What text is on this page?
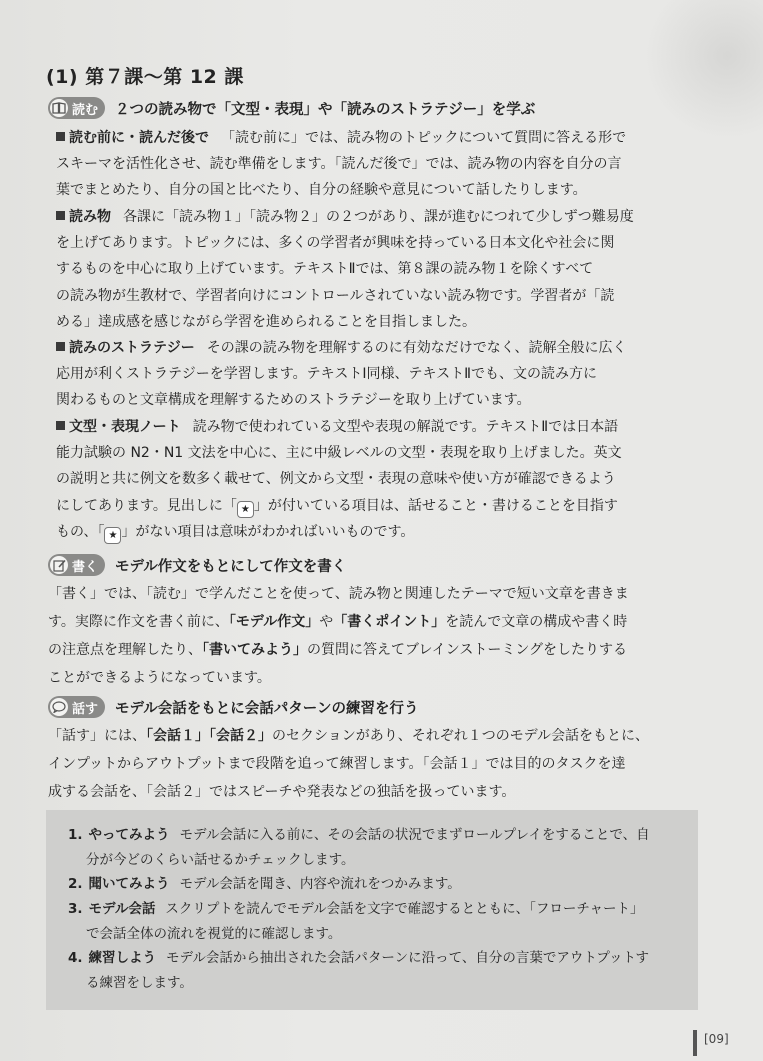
(1) 第７課〜第 12 課
読む ２つの読み物で「文型・表現」や「読みのストラテジー」を学ぶ
読む前に・読んだ後で 「読む前に」では、読み物のトピックについて質問に答える形で
スキーマを活性化させ、読む準備をします。「読んだ後で」では、読み物の内容を自分の言
葉でまとめたり、自分の国と比べたり、自分の経験や意見について話したりします。
読み物 各課に「読み物１」「読み物２」の２つがあり、課が進むにつれて少しずつ難易度
を上げてあります。トピックには、多くの学習者が興味を持っている日本文化や社会に関
するものを中心に取り上げています。テキストⅡでは、第８課の読み物１を除くすべて
の読み物が生教材で、学習者向けにコントロールされていない読み物です。学習者が「読
める」達成感を感じながら学習を進められることを目指しました。
読みのストラテジー その課の読み物を理解するのに有効なだけでなく、読解全般に広く
応用が利くストラテジーを学習します。テキストⅠ同様、テキストⅡでも、文の読み方に
関わるものと文章構成を理解するためのストラテジーを取り上げています。
文型・表現ノート 読み物で使われている文型や表現の解説です。テキストⅡでは日本語
能力試験の N2・N1 文法を中心に、主に中級レベルの文型・表現を取り上げました。英文
の説明と共に例文を数多く載せて、例文から文型・表現の意味や使い方が確認できるよう
にしてあります。見出しに「 ★ 」が付いている項目は、話せること・書けることを目指す
もの、「 ★ 」がない項目は意味がわかればいいものです。
書く モデル作文をもとにして作文を書く
「書く」では、「読む」で学んだことを使って、読み物と関連したテーマで短い文章を書きま
す。実際に作文を書く前に、「モデル作文」や「書くポイント」を読んで文章の構成や書く時
の注意点を理解したり、「書いてみよう」の質問に答えてブレインストーミングをしたりする
ことができるようになっています。
話す モデル会話をもとに会話パターンの練習を行う
「話す」には、「会話１」「会話２」のセクションがあり、それぞれ１つのモデル会話をもとに、
インプットからアウトプットまで段階を追って練習します。「会話１」では目的のタスクを達
成する会話を、「会話２」ではスピーチや発表などの独話を扱っています。
1. やってみよう モデル会話に入る前に、その会話の状況でまずロールプレイをすることで、自
分が今どのくらい話せるかチェックします。
2. 聞いてみよう モデル会話を聞き、内容や流れをつかみます。
3. モデル会話 スクリプトを読んでモデル会話を文字で確認するとともに、「フローチャート」
で会話全体の流れを視覚的に確認します。
4. 練習しよう モデル会話から抽出された会話パターンに沿って、自分の言葉でアウトプットす
る練習をします。
[09]
